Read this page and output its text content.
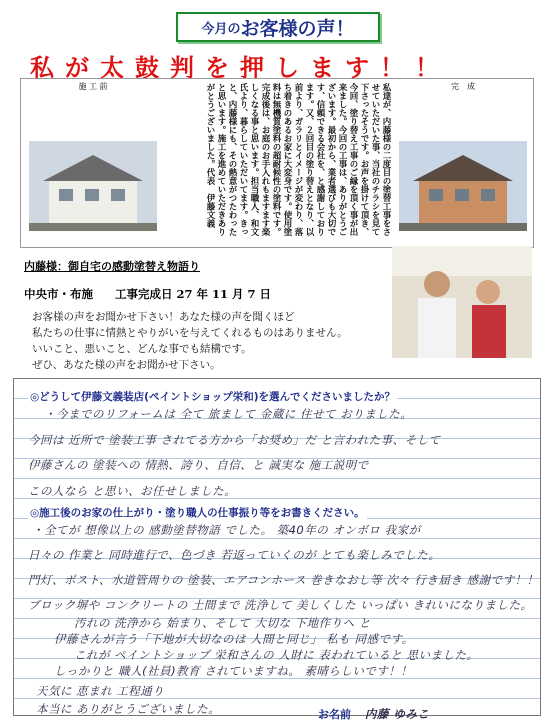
今月の お客様の声！
私が太鼓判を押します！！
施 工 前	私達が、内藤様の二度目の塗替工事をさせていただいた事、当社のチラシを見て下さったそうです。お声を掛けて頂き、今回、塗り替え工事のご縁を頂く事が出来ました。今回の工事は、ありがとうございます。最初から、業者選びも大切です、信頼できる会社を、と感謝しております。又、２回目の塗り替えとなり、以前より、ガラリとイメージが変わり、落ち着きのあるお家に大変身です。使用塗料は無機質塗料の超耐候性の塗料です。完成後は、お庭のお手入れもますます楽しくなる事と思います。担当職人、和文氏より、暮らしていただいてます。きっと、内藤様にも、その熱意がつたわったと思います。施工を進めていただきありがとうございました。代表　伊藤文義	完　成
内藤様：御自宅の感動塗替え物語り
中央市・布施 工事完成日 27 年 11 月 7 日
お客様の声をお聞かせ下さい！あなた様の声を聞くほど
私たちの仕事に情熱とやりがいを与えてくれるものはありません。
いいこと、悪いこと、どんな事でも結構です。
ぜひ、あなた様の声をお聞かせ下さい。
◎どうして伊藤文義装店(ペイントショップ栄和)を選んでくださいましたか？
・今までのリフォームは 全て 旅まして 金蔵に 住せて おりました。
今回は 近所で 塗装工事 されてる方から「お奨め」だ と言われた事、そして
伊藤さんの 塗装への 情熱、誇り、自信、と 誠実な 施工説明で
この人なら と思い、お任せしました。
◎施工後のお家の仕上がり・塗り職人の仕事振り等をお書きください。
・全てが 想像以上の 感動塗替物語 でした。 築40年の オンボロ 我家が
日々の 作業と 同時進行で、色づき 若返っていくのが とても楽しみでした。
門灯、ポスト、水道管周りの 塗装、エアコンホース 巻きなおし等 次々 行き届き 感謝です！！
ブロック塀や コンクリートの 土間まで 洗浄して 美しくした いっぱい きれいになりました。
汚れの 洗浄から 始まり、そして 大切な 下地作りへ と
伊藤さんが言う「下地が大切なのは 人間と同じ」 私も 同感です。
これが ペイントショップ 栄和さんの 人財に 表われていると 思いました。
しっかりと 職人(社員)教育 されていますね。 素晴らしいです！！
天気に 恵まれ 工程通り
本当に ありがとうございました。	お名前 内藤 ゆみこ
